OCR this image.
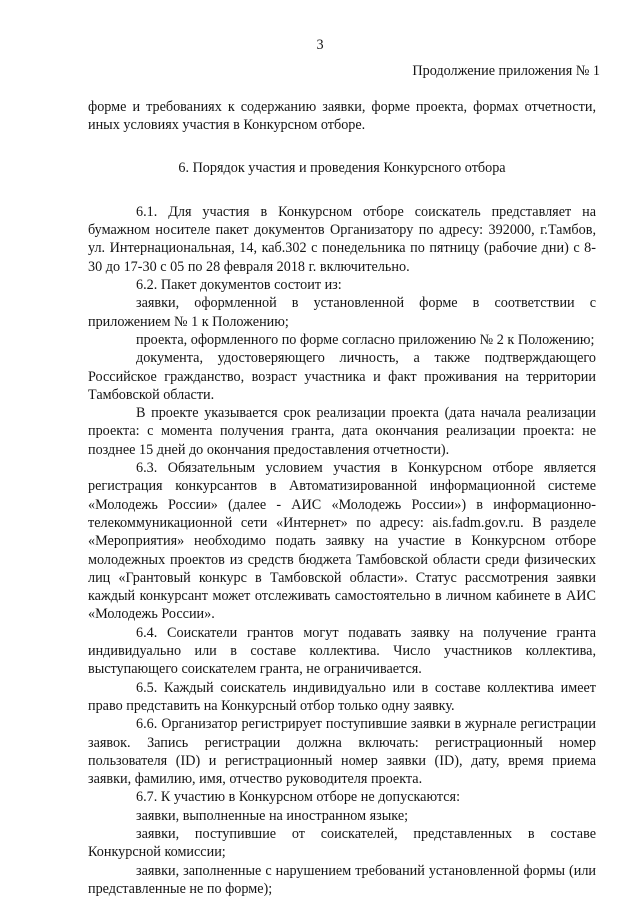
3
Продолжение приложения № 1

форме и требованиях к содержанию заявки, форме проекта, формах отчетности, иных условиях участия в Конкурсном отборе.

6. Порядок участия и проведения Конкурсного отбора

6.1. Для участия в Конкурсном отборе соискатель представляет на бумажном носителе пакет документов Организатору по адресу: 392000, г.Тамбов, ул. Интернациональная, 14, каб.302 с понедельника по пятницу (рабочие дни) с 8-30 до 17-30 с 05 по 28 февраля 2018 г. включительно.

6.2. Пакет документов состоит из:

заявки, оформленной в установленной форме в соответствии с приложением № 1 к Положению;

проекта, оформленного по форме согласно приложению № 2 к Положению;

документа, удостоверяющего личность, а также подтверждающего Российское гражданство, возраст участника и факт проживания на территории Тамбовской области.

В проекте указывается срок реализации проекта (дата начала реализации проекта: с момента получения гранта, дата окончания реализации проекта: не позднее 15 дней до окончания предоставления отчетности).

6.3. Обязательным условием участия в Конкурсном отборе является регистрация конкурсантов в Автоматизированной информационной системе «Молодежь России» (далее - АИС «Молодежь России») в информационно-телекоммуникационной сети «Интернет» по адресу: ais.fadm.gov.ru. В разделе «Мероприятия» необходимо подать заявку на участие в Конкурсном отборе молодежных проектов из средств бюджета Тамбовской области среди физических лиц «Грантовый конкурс в Тамбовской области». Статус рассмотрения заявки каждый конкурсант может отслеживать самостоятельно в личном кабинете в АИС «Молодежь России».

6.4. Соискатели грантов могут подавать заявку на получение гранта индивидуально или в составе коллектива. Число участников коллектива, выступающего соискателем гранта, не ограничивается.

6.5. Каждый соискатель индивидуально или в составе коллектива имеет право представить на Конкурсный отбор только одну заявку.

6.6. Организатор регистрирует поступившие заявки в журнале регистрации заявок. Запись регистрации должна включать: регистрационный номер пользователя (ID) и регистрационный номер заявки (ID), дату, время приема заявки, фамилию, имя, отчество руководителя проекта.

6.7. К участию в Конкурсном отборе не допускаются:

заявки, выполненные на иностранном языке;

заявки, поступившие от соискателей, представленных в составе Конкурсной комиссии;

заявки, заполненные с нарушением требований установленной формы (или представленные не по форме);
